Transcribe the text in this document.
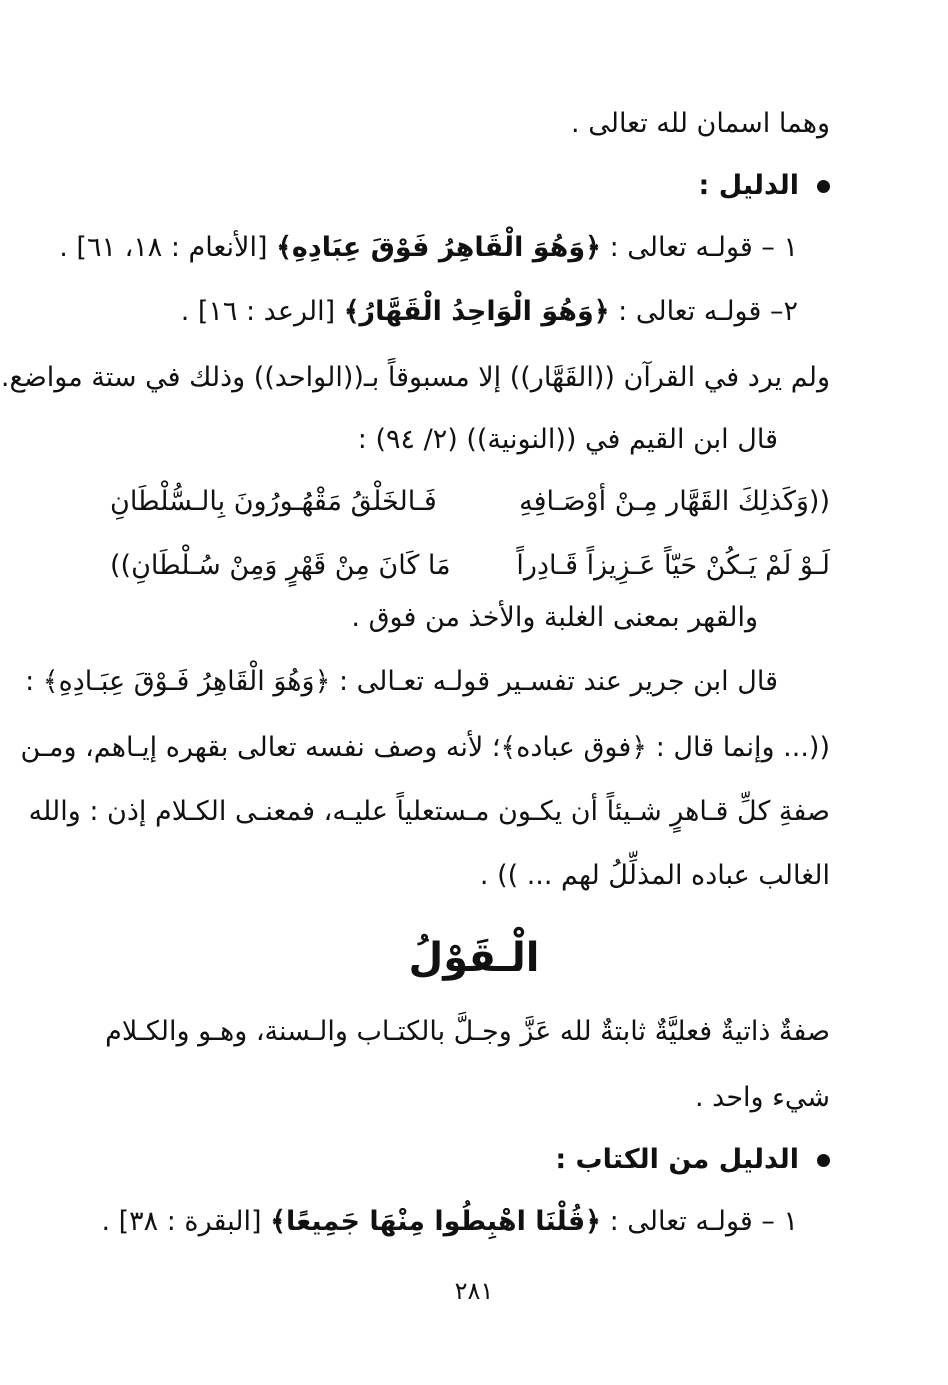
وهما اسمان لله تعالى .
الدليل :
١ – قولـه تعالى : ﴿وَهُوَ الْقَاهِرُ فَوْقَ عِبَادِهِ﴾ [الأنعام : ١٨، ٦١] .
٢– قولـه تعالى : ﴿وَهُوَ الْوَاحِدُ الْقَهَّارُ﴾ [الرعد : ١٦] .
ولم يرد في القرآن ((القَهَّار)) إلا مسبوقاً بـ((الواحد)) وذلك في ستة مواضع.
قال ابن القيم في ((النونية)) (٢/ ٩٤) :
((وَكَذلِكَ القَهَّار مِـنْ أوْصَـافِهِ
فَـالخَلْقُ مَقْهُـورُونَ بِالـسُّلْطَانِ
لَـوْ لَمْ يَـكُنْ حَيّاً عَـزِيزاً قَـادِراً
مَا كَانَ مِنْ قَهْرٍ وَمِنْ سُـلْطَانِ))
والقهر بمعنى الغلبة والأخذ من فوق .
قال ابن جرير عند تفسـير قولـه تعـالى : ﴿وَهُوَ الْقَاهِرُ فَـوْقَ عِبَـادِهِ﴾ :
((... وإنما قال : ﴿فوق عباده﴾؛ لأنه وصف نفسه تعالى بقهره إيـاهم، ومـن
صفةِ كلِّ قـاهرٍ شـيئاً أن يكـون مـستعلياً عليـه، فمعنـى الكـلام إذن : والله
الغالب عباده المذلِّلُ لهم ... )) .
الْـقَوْلُ
صفةٌ ذاتيةٌ فعليَّةٌ ثابتةٌ لله عَزَّ وجـلَّ بالكتـاب والـسنة، وهـو والكـلام
شيء واحد .
الدليل من الكتاب :
١ – قولـه تعالى : ﴿قُلْنَا اهْبِطُوا مِنْهَا جَمِيعًا﴾ [البقرة : ٣٨] .
٢٨١
